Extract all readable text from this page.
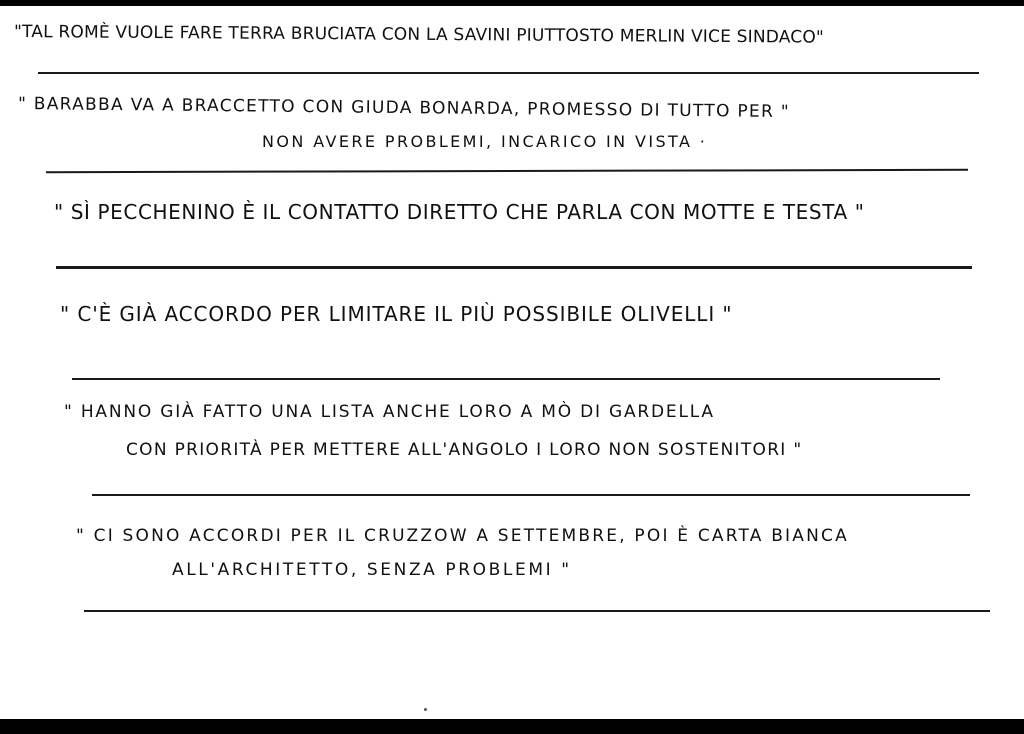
"TAL ROMÈ VUOLE FARE TERRA BRUCIATA CON LA SAVINI PIUTTOSTO MERLIN VICE SINDACO"
" BARABBA VA A BRACCETTO CON GIUDA BONARDA, PROMESSO DI TUTTO PER "
NON AVERE PROBLEMI, INCARICO IN VISTA ·
" SÌ PECCHENINO È IL CONTATTO DIRETTO CHE PARLA CON MOTTE E TESTA "
" C'È GIÀ ACCORDO PER LIMITARE IL PIÙ POSSIBILE OLIVELLI "
" HANNO GIÀ FATTO UNA LISTA ANCHE LORO A MÒ DI GARDELLA
CON PRIORITÀ PER METTERE ALL'ANGOLO I LORO NON SOSTENITORI "
" CI SONO ACCORDI PER IL CRUZZOW A SETTEMBRE, POI È CARTA BIANCA
ALL'ARCHITETTO, SENZA PROBLEMI "
